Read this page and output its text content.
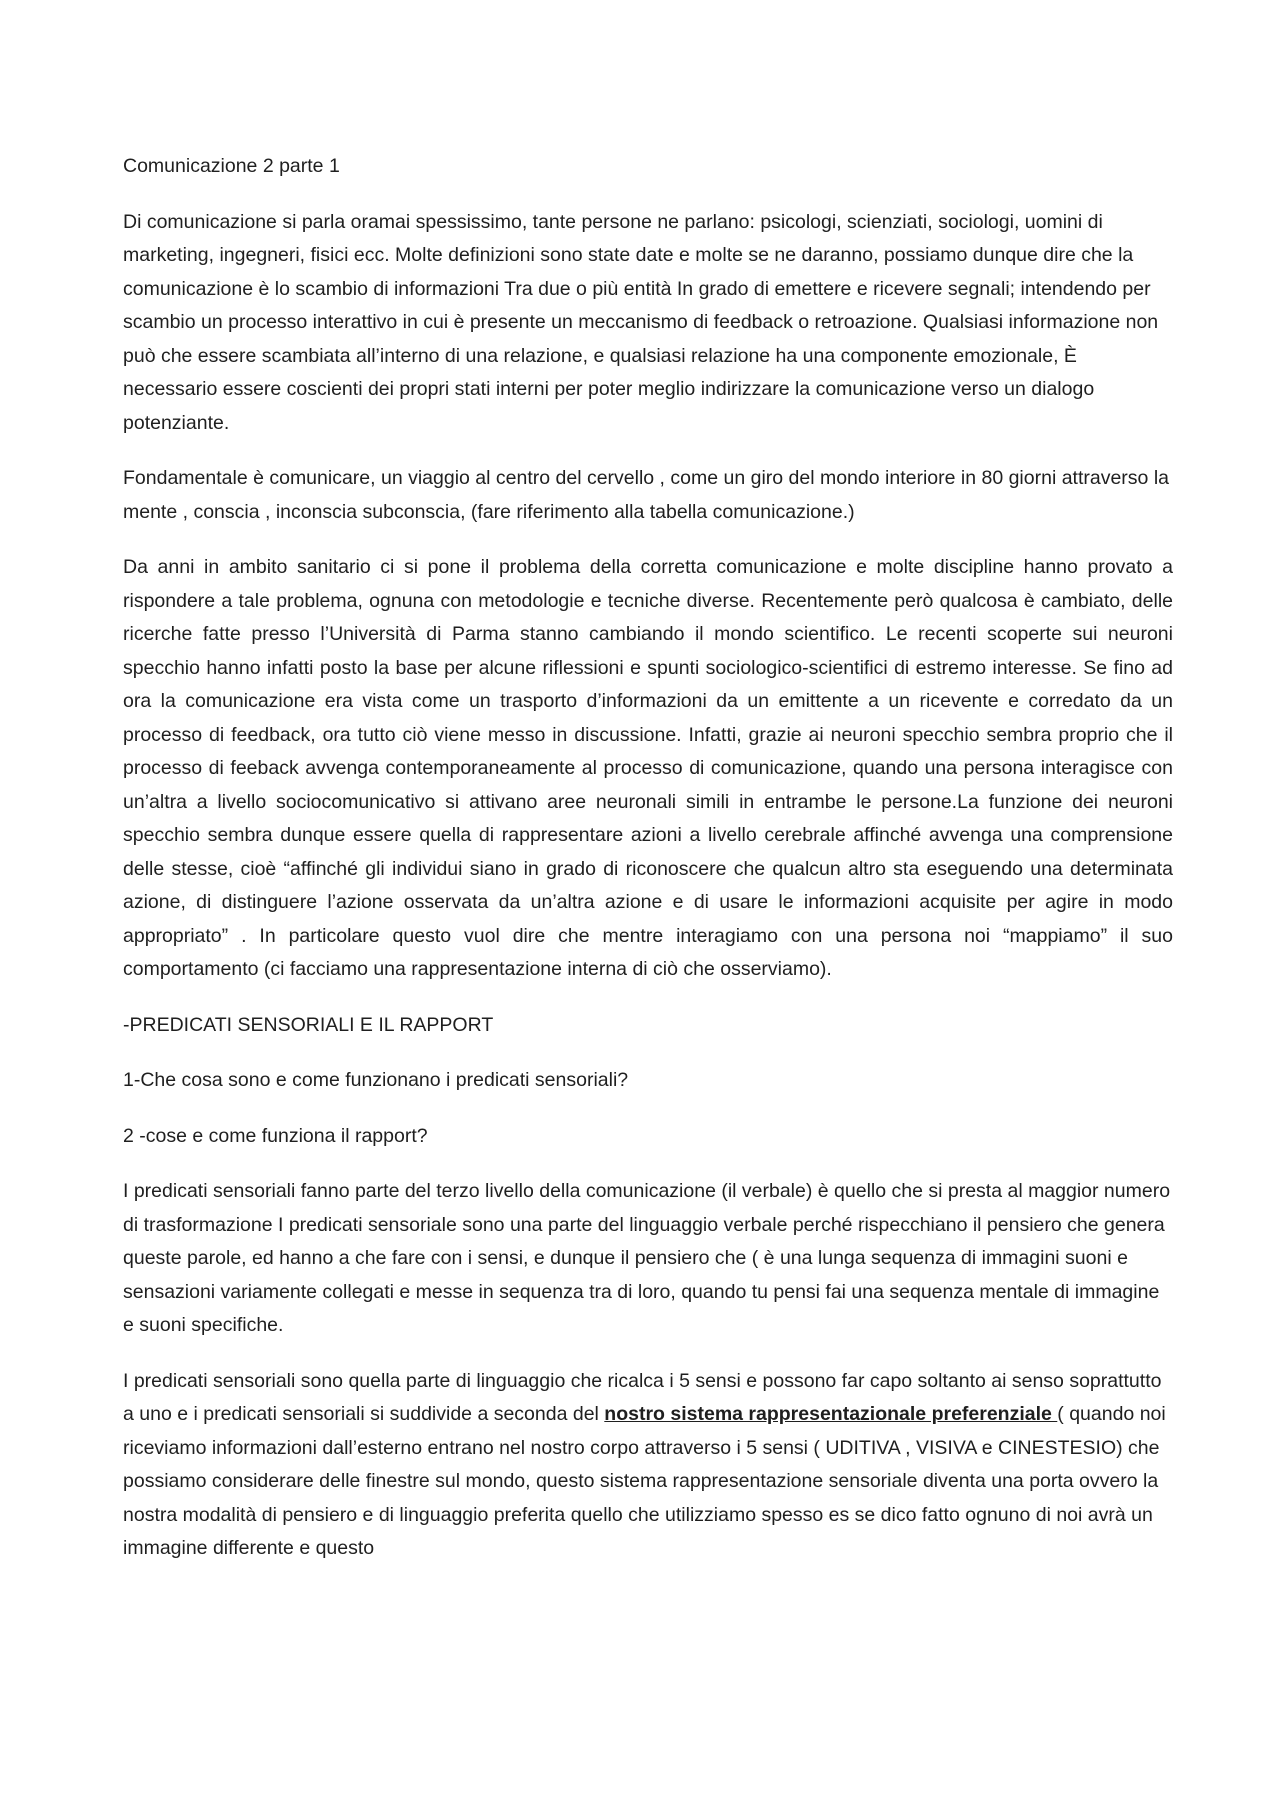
Comunicazione 2 parte 1

Di comunicazione si parla oramai spessissimo, tante persone ne parlano: psicologi, scienziati, sociologi, uomini di marketing, ingegneri, fisici ecc. Molte definizioni sono state date e molte se ne daranno, possiamo dunque dire che la comunicazione è lo scambio di informazioni Tra due o più entità In grado di emettere e ricevere segnali; intendendo per scambio un processo interattivo in cui è presente un meccanismo di feedback o retroazione. Qualsiasi informazione non può che essere scambiata all’interno di una relazione, e qualsiasi relazione ha una componente emozionale, È necessario essere coscienti dei propri stati interni per poter meglio indirizzare la comunicazione verso un dialogo potenziante.

Fondamentale è comunicare, un viaggio al centro del cervello , come un giro del mondo interiore in 80 giorni attraverso la mente , conscia , inconscia subconscia, (fare riferimento alla tabella comunicazione.)

Da anni in ambito sanitario ci si pone il problema della corretta comunicazione e molte discipline hanno provato a rispondere a tale problema, ognuna con metodologie e tecniche diverse. Recentemente però qualcosa è cambiato, delle ricerche fatte presso l’Università di Parma stanno cambiando il mondo scientifico. Le recenti scoperte sui neuroni specchio hanno infatti posto la base per alcune riflessioni e spunti sociologico-scientifici di estremo interesse. Se fino ad ora la comunicazione era vista come un trasporto d’informazioni da un emittente a un ricevente e corredato da un processo di feedback, ora tutto ciò viene messo in discussione. Infatti, grazie ai neuroni specchio sembra proprio che il processo di feeback avvenga contemporaneamente al processo di comunicazione, quando una persona interagisce con un’altra a livello sociocomunicativo si attivano aree neuronali simili in entrambe le persone.La funzione dei neuroni specchio sembra dunque essere quella di rappresentare azioni a livello cerebrale affinché avvenga una comprensione delle stesse, cioè “affinché gli individui siano in grado di riconoscere che qualcun altro sta eseguendo una determinata azione, di distinguere l’azione osservata da un’altra azione e di usare le informazioni acquisite per agire in modo appropriato” . In particolare questo vuol dire che mentre interagiamo con una persona noi “mappiamo” il suo comportamento (ci facciamo una rappresentazione interna di ciò che osserviamo).

-PREDICATI SENSORIALI E IL RAPPORT

1-Che cosa sono e come funzionano i predicati sensoriali?

2 -cose e come funziona il rapport?

I predicati sensoriali fanno parte del terzo livello della comunicazione (il verbale) è quello che si presta al maggior numero di trasformazione I predicati sensoriale sono una parte del linguaggio verbale perché rispecchiano il pensiero che genera queste parole, ed hanno a che fare con i sensi, e dunque il pensiero che ( è una lunga sequenza di immagini suoni e sensazioni variamente collegati e messe in sequenza tra di loro, quando tu pensi fai una sequenza mentale di immagine e suoni specifiche.

I predicati sensoriali sono quella parte di linguaggio che ricalca i 5 sensi e possono far capo soltanto ai senso soprattutto a uno e i predicati sensoriali si suddivide a seconda del nostro sistema rappresentazionale preferenziale ( quando noi riceviamo informazioni dall’esterno entrano nel nostro corpo attraverso i 5 sensi ( UDITIVA , VISIVA e CINESTESIO) che possiamo considerare delle finestre sul mondo, questo sistema rappresentazione sensoriale diventa una porta ovvero la nostra modalità di pensiero e di linguaggio preferita quello che utilizziamo spesso es se dico fatto ognuno di noi avrà un immagine differente e questo
